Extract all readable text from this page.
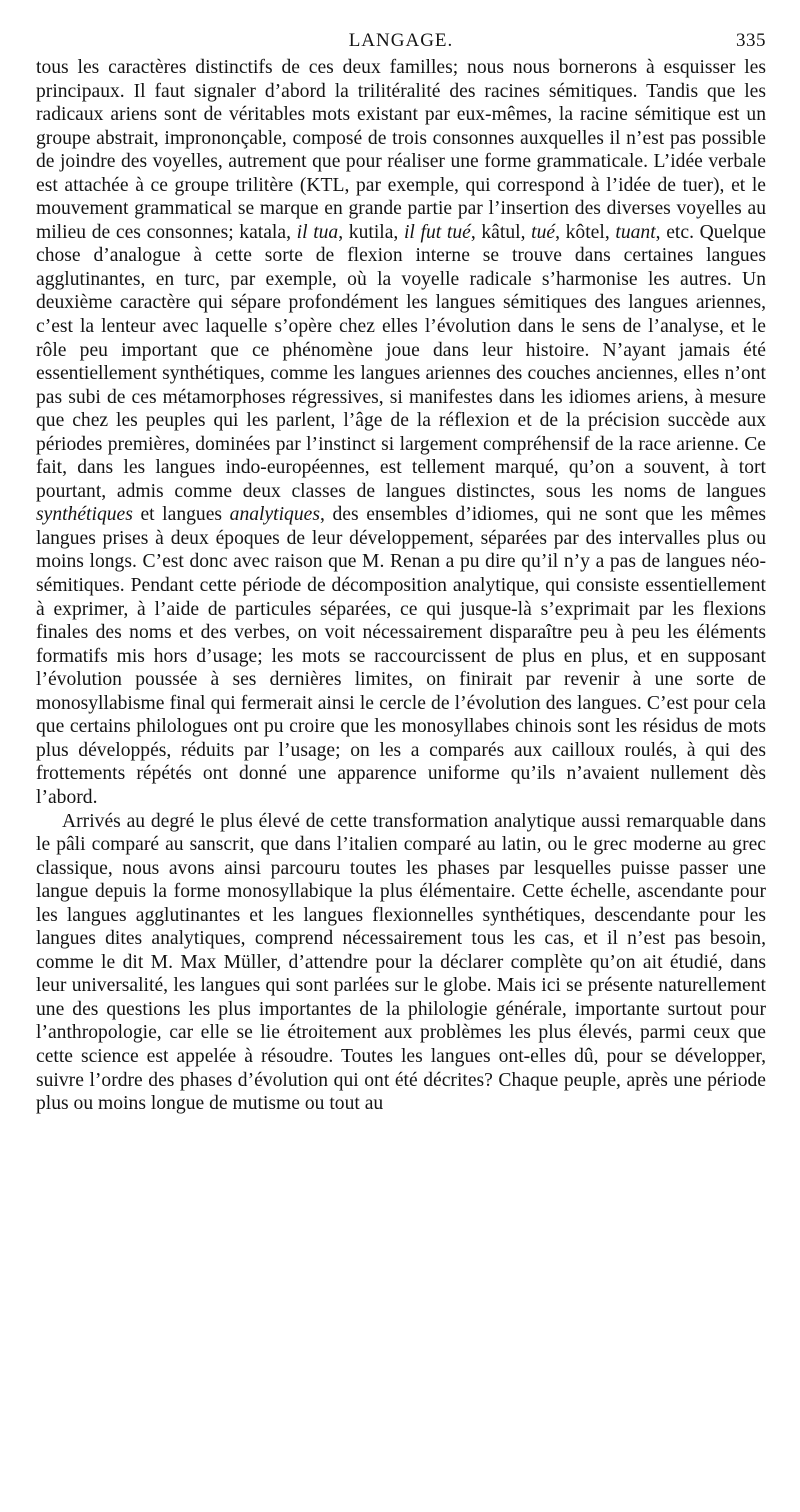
LANGAGE.	335

tous les caractères distinctifs de ces deux familles; nous nous bornerons à esquisser les principaux. Il faut signaler d’abord la trilitéralité des racines sémitiques. Tandis que les radicaux ariens sont de véritables mots existant par eux-mêmes, la racine sémitique est un groupe abstrait, imprononçable, composé de trois consonnes auxquelles il n’est pas possible de joindre des voyelles, autrement que pour réaliser une forme grammaticale. L’idée verbale est attachée à ce groupe trilitère (KTL, par exemple, qui correspond à l’idée de tuer), et le mouvement grammatical se marque en grande partie par l’insertion des diverses voyelles au milieu de ces consonnes; katala, il tua, kutila, il fut tué, kâtul, tué, kôtel, tuant, etc. Quelque chose d’analogue à cette sorte de flexion interne se trouve dans certaines langues agglutinantes, en turc, par exemple, où la voyelle radicale s’harmonise les autres. Un deuxième caractère qui sépare profondément les langues sémitiques des langues ariennes, c’est la lenteur avec laquelle s’opère chez elles l’évolution dans le sens de l’analyse, et le rôle peu important que ce phénomène joue dans leur histoire. N’ayant jamais été essentiellement synthétiques, comme les langues ariennes des couches anciennes, elles n’ont pas subi de ces métamorphoses régressives, si manifestes dans les idiomes ariens, à mesure que chez les peuples qui les parlent, l’âge de la réflexion et de la précision succède aux périodes premières, dominées par l’instinct si largement compréhensif de la race arienne. Ce fait, dans les langues indo-européennes, est tellement marqué, qu’on a souvent, à tort pourtant, admis comme deux classes de langues distinctes, sous les noms de langues synthétiques et langues analytiques, des ensembles d’idiomes, qui ne sont que les mêmes langues prises à deux époques de leur développement, séparées par des intervalles plus ou moins longs. C’est donc avec raison que M. Renan a pu dire qu’il n’y a pas de langues néo-sémitiques. Pendant cette période de décomposition analytique, qui consiste essentiellement à exprimer, à l’aide de particules séparées, ce qui jusque-là s’exprimait par les flexions finales des noms et des verbes, on voit nécessairement disparaître peu à peu les éléments formatifs mis hors d’usage; les mots se raccourcissent de plus en plus, et en supposant l’évolution poussée à ses dernières limites, on finirait par revenir à une sorte de monosyllabisme final qui fermerait ainsi le cercle de l’évolution des langues. C’est pour cela que certains philologues ont pu croire que les monosyllabes chinois sont les résidus de mots plus développés, réduits par l’usage; on les a comparés aux cailloux roulés, à qui des frottements répétés ont donné une apparence uniforme qu’ils n’avaient nullement dès l’abord.

Arrivés au degré le plus élevé de cette transformation analytique aussi remarquable dans le pâli comparé au sanscrit, que dans l’italien comparé au latin, ou le grec moderne au grec classique, nous avons ainsi parcouru toutes les phases par lesquelles puisse passer une langue depuis la forme monosyllabique la plus élémentaire. Cette échelle, ascendante pour les langues agglutinantes et les langues flexionnelles synthétiques, descendante pour les langues dites analytiques, comprend nécessairement tous les cas, et il n’est pas besoin, comme le dit M. Max Müller, d’attendre pour la déclarer complète qu’on ait étudié, dans leur universalité, les langues qui sont parlées sur le globe. Mais ici se présente naturellement une des questions les plus importantes de la philologie générale, importante surtout pour l’anthropologie, car elle se lie étroitement aux problèmes les plus élevés, parmi ceux que cette science est appelée à résoudre. Toutes les langues ont-elles dû, pour se développer, suivre l’ordre des phases d’évolution qui ont été décrites? Chaque peuple, après une période plus ou moins longue de mutisme ou tout au
